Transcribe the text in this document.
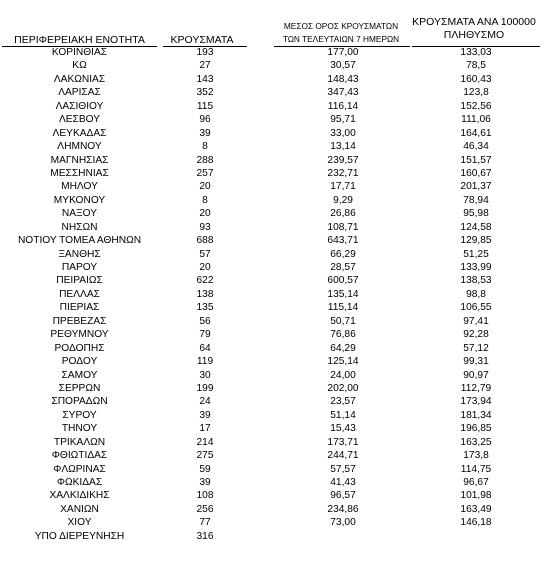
ΠΕΡΙΦΕΡΕΙΑΚΗ ΕΝΟΤΗΤΑ	ΚΡΟΥΣΜΑΤΑ
ΜΕΣΟΣ ΟΡΟΣ ΚΡΟΥΣΜΑΤΩΝ
ΤΩΝ ΤΕΛΕΥΤΑΙΩΝ 7 ΗΜΕΡΩΝ
ΚΡΟΥΣΜΑΤΑ ΑΝΑ 100000
ΠΛΗΘΥΣΜΟ
ΚΟΡΙΝΘΙΑΣ	193	177,00	133,03
ΚΩ	27	30,57	78,5
ΛΑΚΩΝΙΑΣ	143	148,43	160,43
ΛΑΡΙΣΑΣ	352	347,43	123,8
ΛΑΣΙΘΙΟΥ	115	116,14	152,56
ΛΕΣΒΟΥ	96	95,71	111,06
ΛΕΥΚΑΔΑΣ	39	33,00	164,61
ΛΗΜΝΟΥ	8	13,14	46,34
ΜΑΓΝΗΣΙΑΣ	288	239,57	151,57
ΜΕΣΣΗΝΙΑΣ	257	232,71	160,67
ΜΗΛΟΥ	20	17,71	201,37
ΜΥΚΟΝΟΥ	8	9,29	78,94
ΝΑΞΟΥ	20	26,86	95,98
ΝΗΣΩΝ	93	108,71	124,58
ΝΟΤΙΟΥ ΤΟΜΕΑ ΑΘΗΝΩΝ	688	643,71	129,85
ΞΑΝΘΗΣ	57	66,29	51,25
ΠΑΡΟΥ	20	28,57	133,99
ΠΕΙΡΑΙΩΣ	622	600,57	138,53
ΠΕΛΛΑΣ	138	135,14	98,8
ΠΙΕΡΙΑΣ	135	115,14	106,55
ΠΡΕΒΕΖΑΣ	56	50,71	97,41
ΡΕΘΥΜΝΟΥ	79	76,86	92,28
ΡΟΔΟΠΗΣ	64	64,29	57,12
ΡΟΔΟΥ	119	125,14	99,31
ΣΑΜΟΥ	30	24,00	90,97
ΣΕΡΡΩΝ	199	202,00	112,79
ΣΠΟΡΑΔΩΝ	24	23,57	173,94
ΣΥΡΟΥ	39	51,14	181,34
ΤΗΝΟΥ	17	15,43	196,85
ΤΡΙΚΑΛΩΝ	214	173,71	163,25
ΦΘΙΩΤΙΔΑΣ	275	244,71	173,8
ΦΛΩΡΙΝΑΣ	59	57,57	114,75
ΦΩΚΙΔΑΣ	39	41,43	96,67
ΧΑΛΚΙΔΙΚΗΣ	108	96,57	101,98
ΧΑΝΙΩΝ	256	234,86	163,49
ΧΙΟΥ	77	73,00	146,18
ΥΠΟ ΔΙΕΡΕΥΝΗΣΗ	316
